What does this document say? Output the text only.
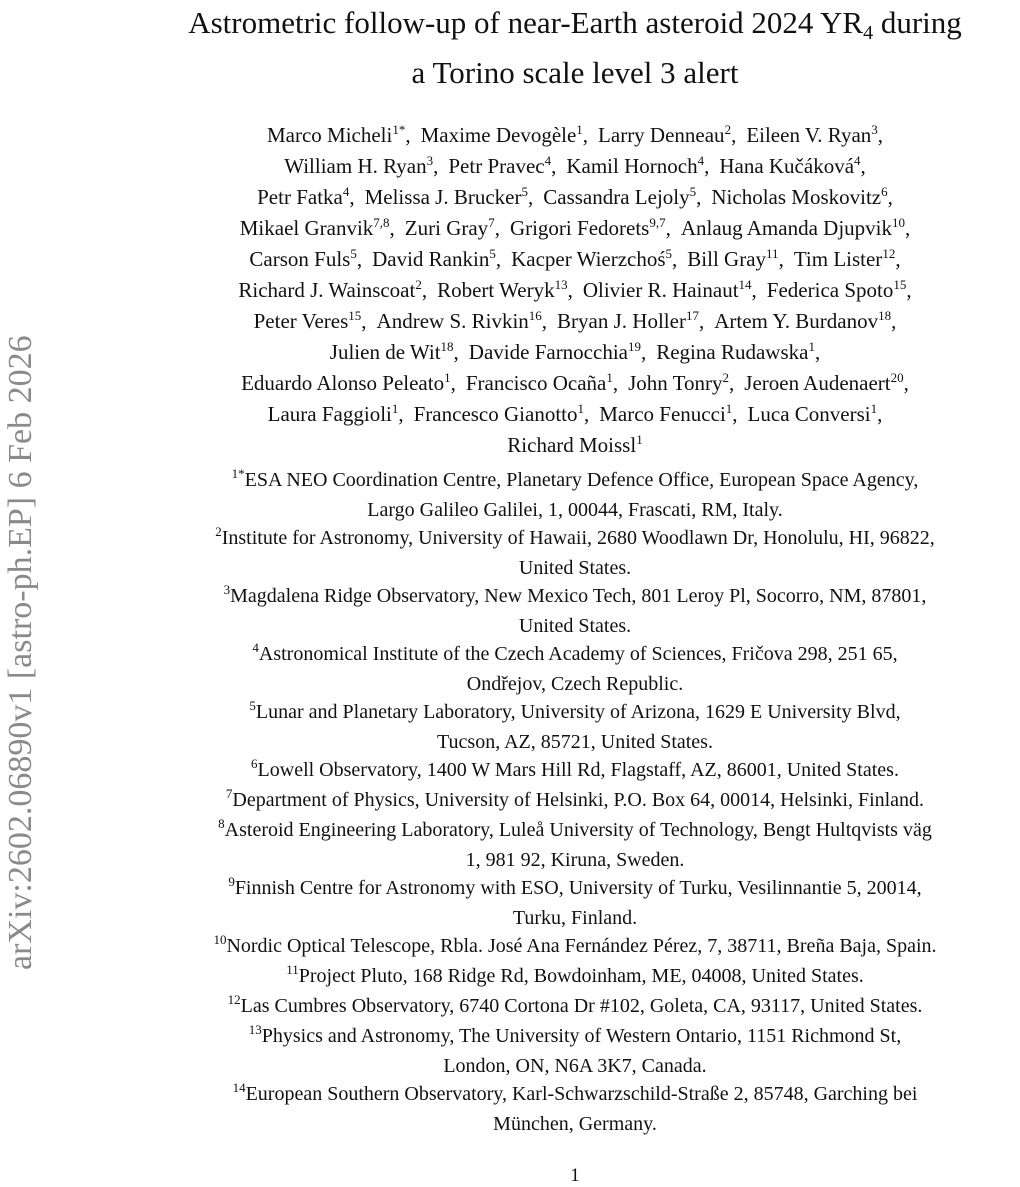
arXiv:2602.06890v1 [astro-ph.EP] 6 Feb 2026
Astrometric follow-up of near-Earth asteroid 2024 YR4 during
a Torino scale level 3 alert
Marco Micheli$^{1*}$, Maxime Devogèle$^1$, Larry Denneau$^2$, Eileen V. Ryan$^3$,
William H. Ryan$^3$, Petr Pravec$^4$, Kamil Hornoch$^4$, Hana Kučáková$^4$,
Petr Fatka$^4$, Melissa J. Brucker$^5$, Cassandra Lejoly$^5$, Nicholas Moskovitz$^6$,
Mikael Granvik$^{7,8}$, Zuri Gray$^7$, Grigori Fedorets$^{9,7}$, Anlaug Amanda Djupvik$^{10}$,
Carson Fuls$^5$, David Rankin$^5$, Kacper Wierzchoś$^5$, Bill Gray$^{11}$, Tim Lister$^{12}$,
Richard J. Wainscoat$^2$, Robert Weryk$^{13}$, Olivier R. Hainaut$^{14}$, Federica Spoto$^{15}$,
Peter Veres$^{15}$, Andrew S. Rivkin$^{16}$, Bryan J. Holler$^{17}$, Artem Y. Burdanov$^{18}$,
Julien de Wit$^{18}$, Davide Farnocchia$^{19}$, Regina Rudawska$^1$,
Eduardo Alonso Peleato$^1$, Francisco Ocaña$^1$, John Tonry$^2$, Jeroen Audenaert$^{20}$,
Laura Faggioli$^1$, Francesco Gianotto$^1$, Marco Fenucci$^1$, Luca Conversi$^1$,
Richard Moissl$^1$
$^{1*}$ESA NEO Coordination Centre, Planetary Defence Office, European Space Agency,
Largo Galileo Galilei, 1, 00044, Frascati, RM, Italy.
$^2$Institute for Astronomy, University of Hawaii, 2680 Woodlawn Dr, Honolulu, HI, 96822,
United States.
$^3$Magdalena Ridge Observatory, New Mexico Tech, 801 Leroy Pl, Socorro, NM, 87801,
United States.
$^4$Astronomical Institute of the Czech Academy of Sciences, Fričova 298, 251 65,
Ondřejov, Czech Republic.
$^5$Lunar and Planetary Laboratory, University of Arizona, 1629 E University Blvd,
Tucson, AZ, 85721, United States.
$^6$Lowell Observatory, 1400 W Mars Hill Rd, Flagstaff, AZ, 86001, United States.
$^7$Department of Physics, University of Helsinki, P.O. Box 64, 00014, Helsinki, Finland.
$^8$Asteroid Engineering Laboratory, Luleå University of Technology, Bengt Hultqvists väg
1, 981 92, Kiruna, Sweden.
$^9$Finnish Centre for Astronomy with ESO, University of Turku, Vesilinnantie 5, 20014,
Turku, Finland.
$^{10}$Nordic Optical Telescope, Rbla. José Ana Fernández Pérez, 7, 38711, Breña Baja, Spain.
$^{11}$Project Pluto, 168 Ridge Rd, Bowdoinham, ME, 04008, United States.
$^{12}$Las Cumbres Observatory, 6740 Cortona Dr #102, Goleta, CA, 93117, United States.
$^{13}$Physics and Astronomy, The University of Western Ontario, 1151 Richmond St,
London, ON, N6A 3K7, Canada.
$^{14}$European Southern Observatory, Karl-Schwarzschild-Straße 2, 85748, Garching bei
München, Germany.
1
